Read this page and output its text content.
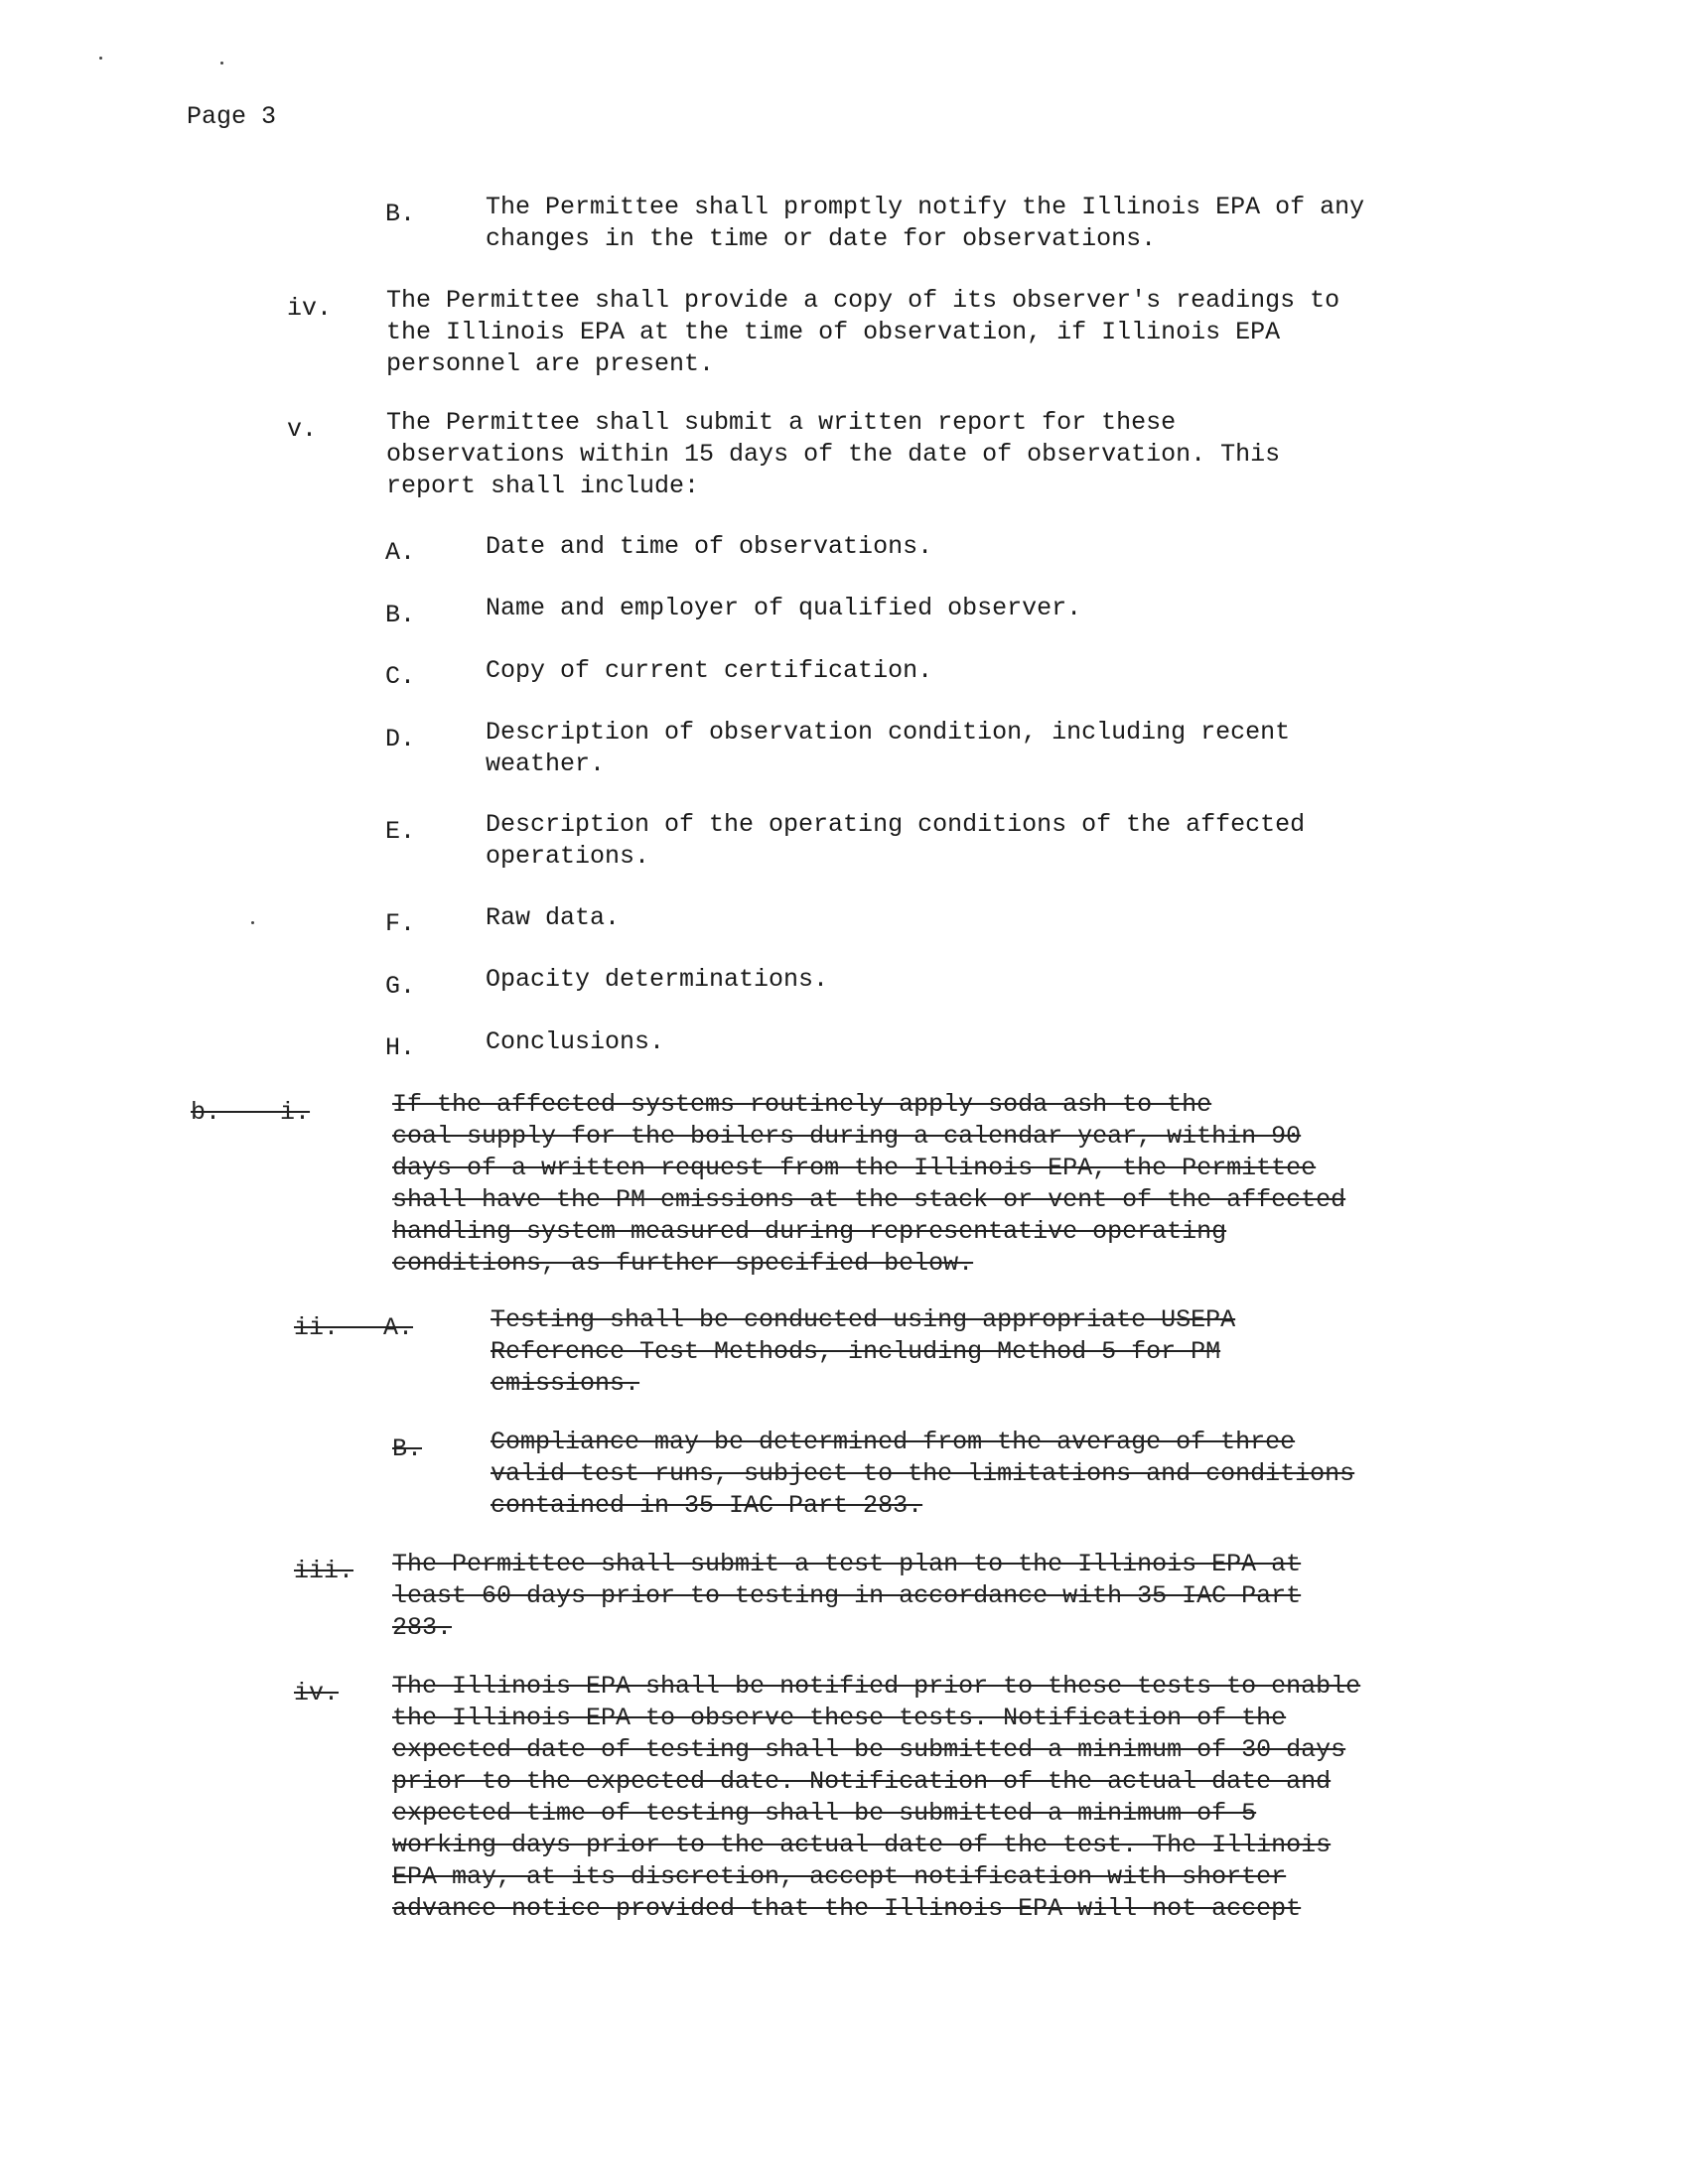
Page 3
B.	The Permittee shall promptly notify the Illinois EPA of any
changes in the time or date for observations.
iv. The Permittee shall provide a copy of its observer's readings to
the Illinois EPA at the time of observation, if Illinois EPA
personnel are present.
v.	The Permittee shall submit a written report for these
observations within 15 days of the date of observation. This
report shall include:
A.	Date and time of observations.
B.	Name and employer of qualified observer.
C.	Copy of current certification.
D.	Description of observation condition, including recent
weather.
E.	Description of the operating conditions of the affected
operations.
F.	Raw data.
G.	Opacity determinations.
H.	Conclusions.
b.    i.	If the affected systems routinely apply soda ash to the
coal supply for the boilers during a calendar year, within 90
days of a written request from the Illinois EPA, the Permittee
shall have the PM emissions at the stack or vent of the affected
handling system measured during representative operating
conditions, as further specified below.
ii.   A.	Testing shall be conducted using appropriate USEPA
Reference Test Methods, including Method 5 for PM
emissions.
B.	Compliance may be determined from the average of three
valid test runs, subject to the limitations and conditions
contained in 35 IAC Part 283.
iii. The Permittee shall submit a test plan to the Illinois EPA at
least 60 days prior to testing in accordance with 35 IAC Part
283.
iv. The Illinois EPA shall be notified prior to these tests to enable
the Illinois EPA to observe these tests. Notification of the
expected date of testing shall be submitted a minimum of 30 days
prior to the expected date. Notification of the actual date and
expected time of testing shall be submitted a minimum of 5
working days prior to the actual date of the test. The Illinois
EPA may, at its discretion, accept notification with shorter
advance notice provided that the Illinois EPA will not accept
